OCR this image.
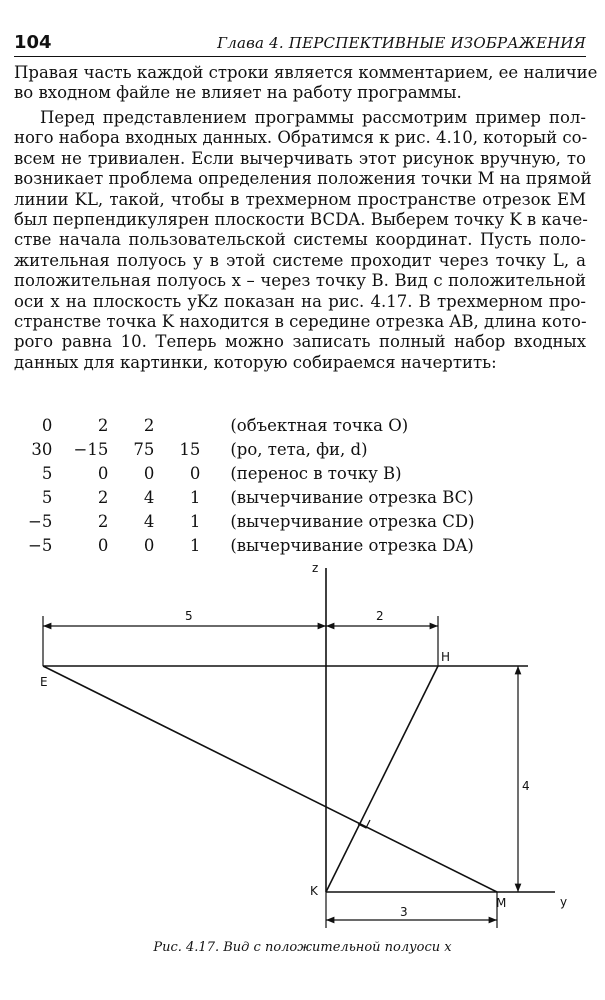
104	Глава 4. ПЕРСПЕКТИВНЫЕ ИЗОБРАЖЕНИЯ

Правая часть каждой строки является комментарием, ее наличие
во входном файле не влияет на работу программы.

Перед представлением программы рассмотрим пример пол-
ного набора входных данных. Обратимся к рис. 4.10, который со-
всем не тривиален. Если вычерчивать этот рисунок вручную, то
возникает проблема определения положения точки M на прямой
линии KL, такой, чтобы в трехмерном пространстве отрезок EM
был перпендикулярен плоскости BCDA. Выберем точку K в каче-
стве начала пользовательской системы координат. Пусть поло-
жительная полуось y в этой системе проходит через точку L, а
положительная полуось x – через точку B. Вид с положительной
оси x на плоскость yKz показан на рис. 4.17. В трехмерном про-
странстве точка K находится в середине отрезка AB, длина кото-
рого равна 10. Теперь можно записать полный набор входных
данных для картинки, которую собираемся начертить:

0	2	2		(объектная точка O)
30	−15	75	15	(ро, тета, фи, d)
5	0	0	0	(перенос в точку B)
5	2	4	1	(вычерчивание отрезка BC)
−5	2	4	1	(вычерчивание отрезка CD)
−5	0	0	1	(вычерчивание отрезка DA)
z
y
E
H
K
M
5	2
4
3
Рис. 4.17. Вид с положительной полуоси x
